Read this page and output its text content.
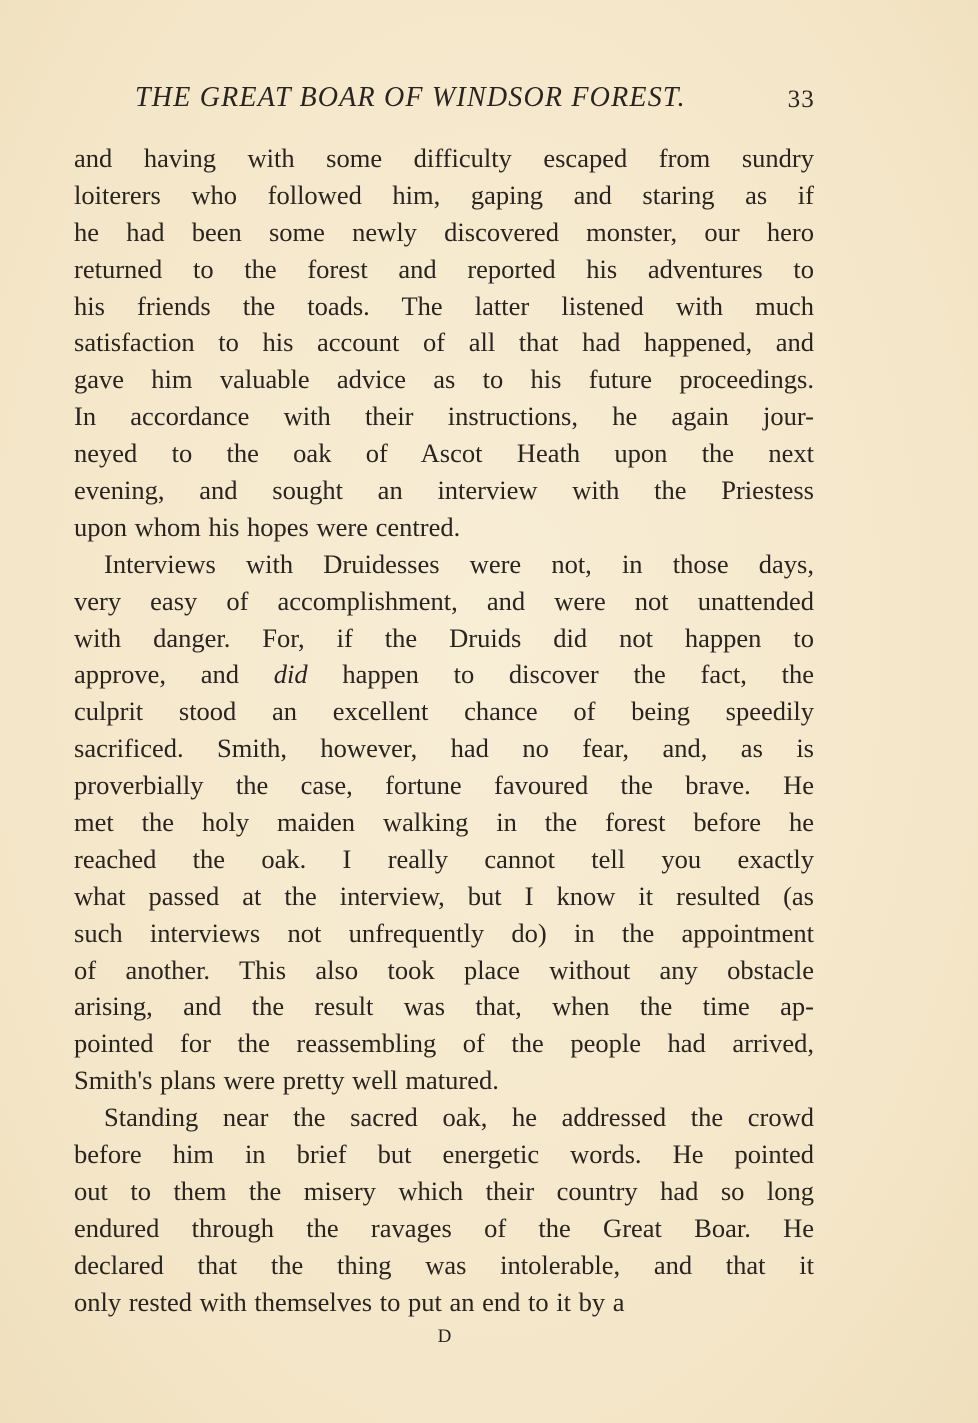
THE GREAT BOAR OF WINDSOR FOREST.	33
and having with some difficulty escaped from sundry
loiterers who followed him, gaping and staring as if
he had been some newly discovered monster, our hero
returned to the forest and reported his adventures to
his friends the toads. The latter listened with much
satisfaction to his account of all that had happened, and
gave him valuable advice as to his future proceedings.
In accordance with their instructions, he again jour-
neyed to the oak of Ascot Heath upon the next
evening, and sought an interview with the Priestess
upon whom his hopes were centred.
Interviews with Druidesses were not, in those days,
very easy of accomplishment, and were not unattended
with danger. For, if the Druids did not happen to
approve, and did happen to discover the fact, the
culprit stood an excellent chance of being speedily
sacrificed. Smith, however, had no fear, and, as is
proverbially the case, fortune favoured the brave. He
met the holy maiden walking in the forest before he
reached the oak. I really cannot tell you exactly
what passed at the interview, but I know it resulted (as
such interviews not unfrequently do) in the appointment
of another. This also took place without any obstacle
arising, and the result was that, when the time ap-
pointed for the reassembling of the people had arrived,
Smith's plans were pretty well matured.
Standing near the sacred oak, he addressed the crowd
before him in brief but energetic words. He pointed
out to them the misery which their country had so long
endured through the ravages of the Great Boar. He
declared that the thing was intolerable, and that it
only rested with themselves to put an end to it by a
D
